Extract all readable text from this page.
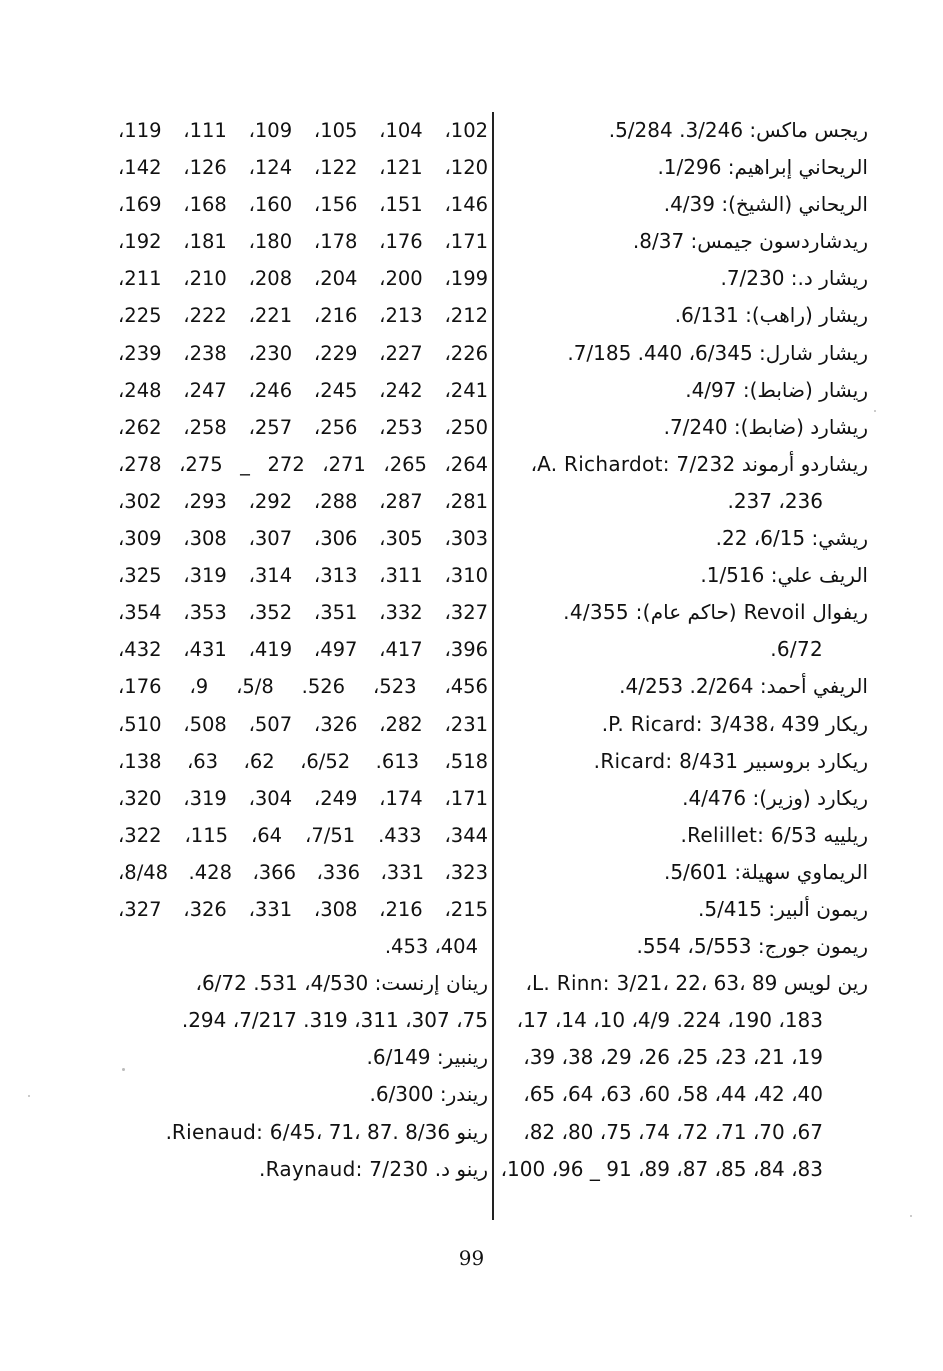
ريجس ماكس: 3/246. 5/284.
الريحاني إبراهيم: 1/296.
الريحاني (الشيخ): 4/39.
ريدشاردسون جيمس: 8/37.
ريشار د.: 7/230.
ريشار (راهب): 6/131.
ريشار شارل: 6/345، 440. 7/185.
ريشار (ضابط): 4/97.
ريشارد (ضابط): 7/240.
ريشاردو أرموند A. Richardot: 7/232،
236، 237.
ريشي: 6/15، 22.
الريف علي: 1/516.
ريفوال Revoil (حاكم عام): 4/355.
6/72.
الريفي أحمد: 2/264. 4/253.
ريكار P. Ricard: 3/438، 439.
ريكارد بروسبير Ricard: 8/431.
ريكارد (وزير): 4/476.
ريلييه Relillet: 6/53.
الريماوي سهيلة: 5/601.
ريمون ألبير: 5/415.
ريمون جورج: 5/553، 554.
رين لويس L. Rinn: 3/21، 22، 63، 89،
183، 190، 224. 4/9، 10، 14، 17،
19، 21، 23، 25، 26، 29، 38، 39،
40، 42، 44، 58، 60، 63، 64، 65،
67، 70، 71، 72، 74، 75، 80، 82،
83، 84، 85، 87، 89، 91 _ 96، 100،
102، 104، 105، 109، 111، 119،
120، 121، 122، 124، 126، 142،
146، 151، 156، 160، 168، 169،
171، 176، 178، 180، 181، 192،
199، 200، 204، 208، 210، 211،
212، 213، 216، 221، 222، 225،
226، 227، 229، 230، 238، 239،
241، 242، 245، 246، 247، 248،
250، 253، 256، 257، 258، 262،
264، 265، 271، 272 _ 275، 278،
281، 287، 288، 292، 293، 302،
303، 305، 306، 307، 308، 309،
310، 311، 313، 314، 319، 325،
327، 332، 351، 352، 353، 354،
396، 417، 497، 419، 431، 432،
456، 523، 526. 5/8، 9، 176،
231، 282، 326، 507، 508، 510،
518، 613. 6/52، 62، 63، 138،
171، 174، 249، 304، 319، 320،
344، 433. 7/51، 64، 115، 322،
323، 331، 336، 366، 428. 8/48،
215، 216، 308، 331، 326، 327،
404، 453.
رينان إرنست: 4/530، 531. 6/72،
75، 307، 311، 319. 7/217، 294.
رينبير: 6/149.
ريندر: 6/300.
رينو Rienaud: 6/45، 71، 87. 8/36.
رينو د. Raynaud: 7/230.
99
